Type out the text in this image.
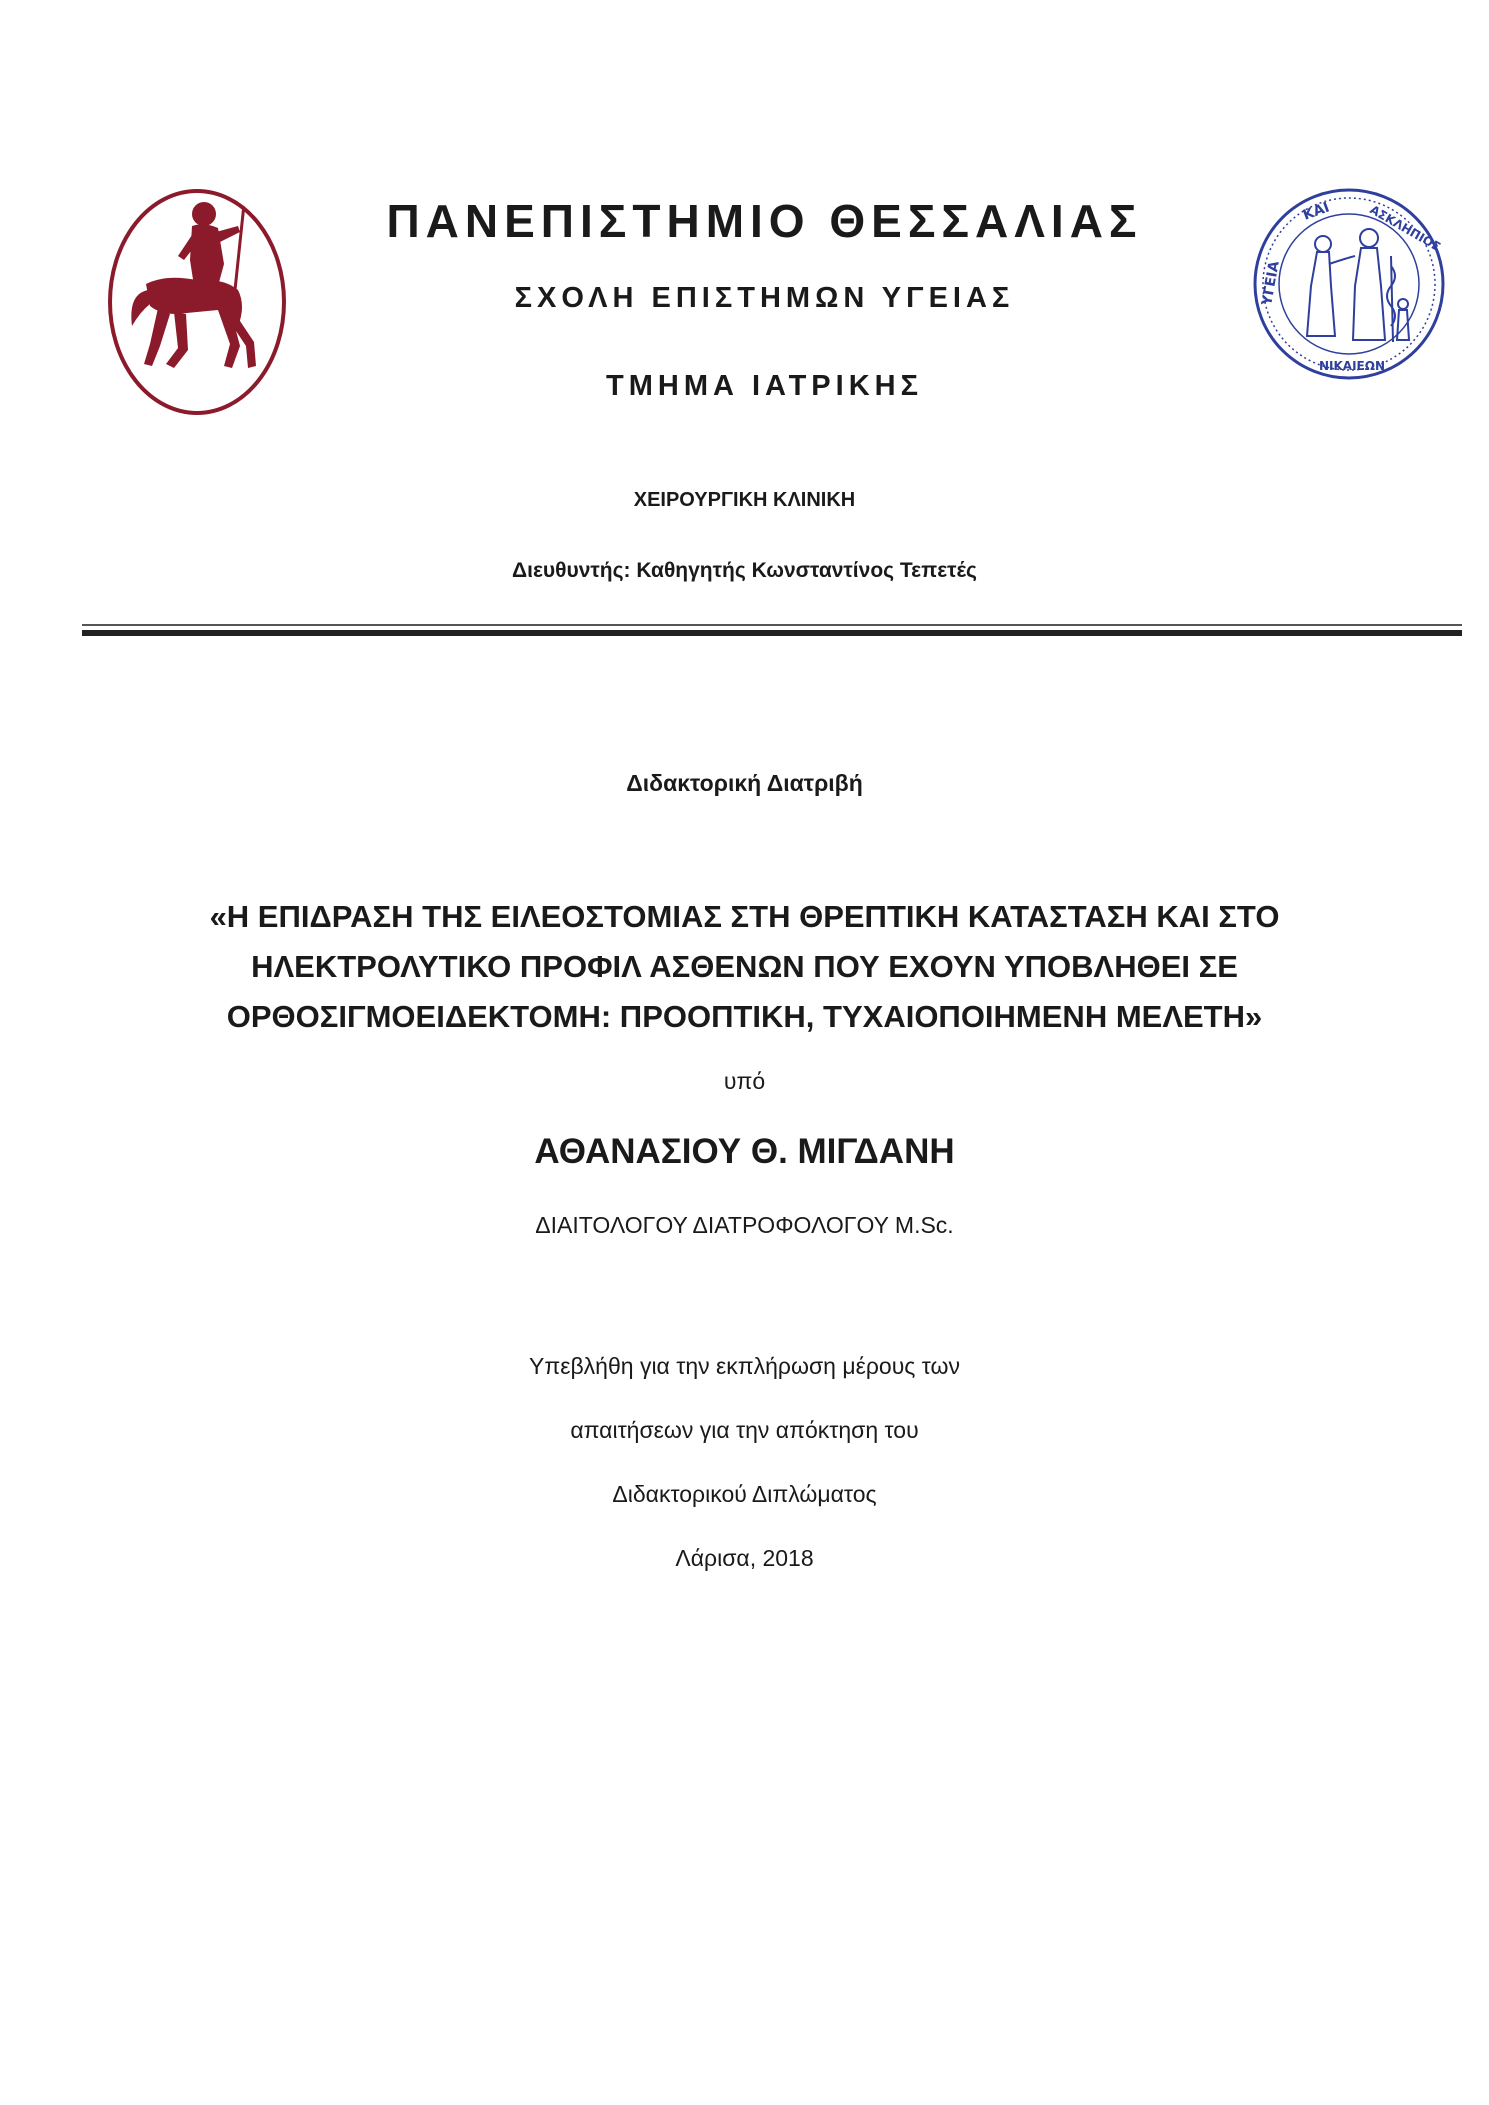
ΚΑΙ
ΥΓΕΙΑ
ΑΣΚΛΗΠΙΟΣ
ΝΙΚΑΙΕΩΝ
ΠΑΝΕΠΙΣΤΗΜΙΟ ΘΕΣΣΑΛΙΑΣ
ΣΧΟΛΗ ΕΠΙΣΤΗΜΩΝ ΥΓΕΙΑΣ
ΤΜΗΜΑ ΙΑΤΡΙΚΗΣ
ΧΕΙΡΟΥΡΓΙΚΗ ΚΛΙΝΙΚΗ
Διευθυντής: Καθηγητής Κωνσταντίνος Τεπετές
Διδακτορική Διατριβή
«Η ΕΠΙΔΡΑΣΗ ΤΗΣ ΕΙΛΕΟΣΤΟΜΙΑΣ ΣΤΗ ΘΡΕΠΤΙΚΗ ΚΑΤΑΣΤΑΣΗ ΚΑΙ ΣΤΟ
ΗΛΕΚΤΡΟΛΥΤΙΚΟ ΠΡΟΦΙΛ ΑΣΘΕΝΩΝ ΠΟΥ ΕΧΟΥΝ ΥΠΟΒΛΗΘΕΙ ΣΕ
ΟΡΘΟΣΙΓΜΟΕΙΔΕΚΤΟΜΗ: ΠΡΟΟΠΤΙΚΗ, ΤΥΧΑΙΟΠΟΙΗΜΕΝΗ ΜΕΛΕΤΗ»
υπό
ΑΘΑΝΑΣΙΟΥ Θ. ΜΙΓΔΑΝΗ
ΔΙΑΙΤΟΛΟΓΟΥ ΔΙΑΤΡΟΦΟΛΟΓΟΥ M.Sc.
Υπεβλήθη για την εκπλήρωση μέρους των
απαιτήσεων για την απόκτηση του
Διδακτορικού Διπλώματος
Λάρισα, 2018
